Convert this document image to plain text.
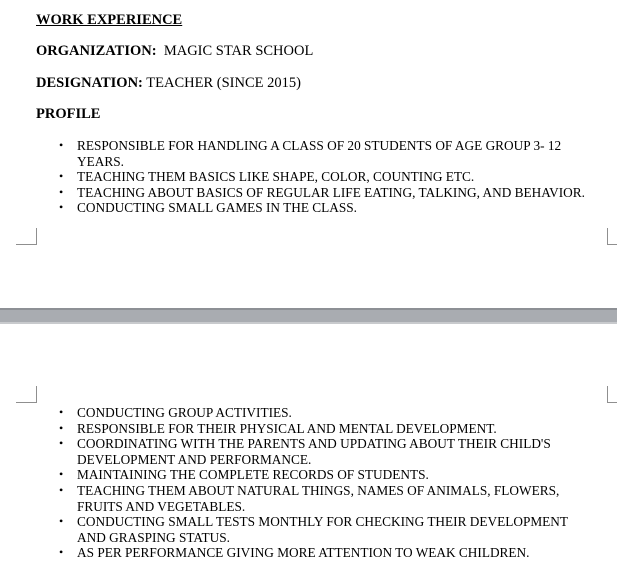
WORK EXPERIENCE
ORGANIZATION: MAGIC STAR SCHOOL
DESIGNATION: TEACHER (SINCE 2015)
PROFILE
• RESPONSIBLE FOR HANDLING A CLASS OF 20 STUDENTS OF AGE GROUP 3- 12 YEARS.
• TEACHING THEM BASICS LIKE SHAPE, COLOR, COUNTING ETC.
• TEACHING ABOUT BASICS OF REGULAR LIFE EATING, TALKING, AND BEHAVIOR.
• CONDUCTING SMALL GAMES IN THE CLASS.
• CONDUCTING GROUP ACTIVITIES.
• RESPONSIBLE FOR THEIR PHYSICAL AND MENTAL DEVELOPMENT.
• COORDINATING WITH THE PARENTS AND UPDATING ABOUT THEIR CHILD'S DEVELOPMENT AND PERFORMANCE.
• MAINTAINING THE COMPLETE RECORDS OF STUDENTS.
• TEACHING THEM ABOUT NATURAL THINGS, NAMES OF ANIMALS, FLOWERS, FRUITS AND VEGETABLES.
• CONDUCTING SMALL TESTS MONTHLY FOR CHECKING THEIR DEVELOPMENT AND GRASPING STATUS.
• AS PER PERFORMANCE GIVING MORE ATTENTION TO WEAK CHILDREN.
